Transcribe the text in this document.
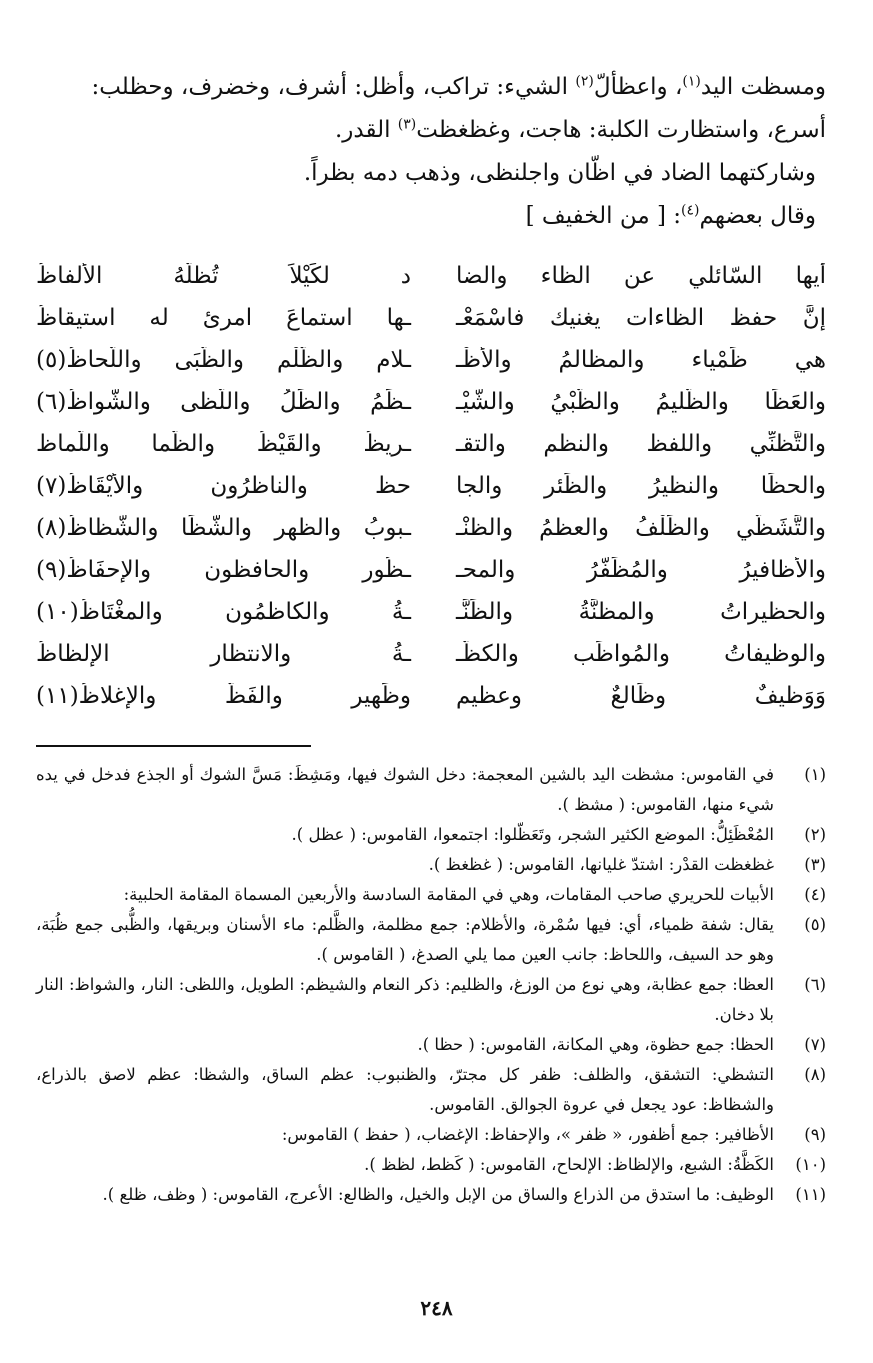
ومسظت اليد$^{(١)}$، واعظألّ$^{(٢)}$ الشيء: تراكب، وأظل: أشرف، وخضرف، وحظلب:

أسرع، واستظارت الكلبة: هاجت، وغظغظت$^{(٣)}$ القدر.

وشاركتهما الضاد في اظّان واجلنظى، وذهب دمه بظراً.

وقال بعضهم$^{(٤)}$: [ من الخفيف ]

أيها السّائلي عن الظاء والضا
د لكَيْلاَ تُظلّهُ الألفاظُ
إنَّ حفظ الظاءات يغنيك فاسْمَعْـ
ـها استماعَ امرئ له استيقاظُ
هي ظَمْياء والمظالمُ والأظْـ
ـلام والظَّلْم والظُّبَى واللّحاظُ(٥)
والعَظَا والظَّليمُ والظَّبْيُ والشَّيْـ
ـظَمُ والظِّلُ واللّظى والشّواظُ(٦)
والتَّظنِّي واللفظ والنظم والتقـ
ـريظُ والقَيْظُ والظّما واللّماظ
والحظَا والنظيرُ والظِّئر والجا
حظ والناظرُون والأيْقَاظُ(٧)
والتَّشَظّي والظِّلْفُ والعظمُ والظنْـ
ـبوبُ والظهر والشّظَا والشّظاظُ(٨)
والأظافيرُ والمُظَفَّرُ والمحـ
ـظُور والحافظون والإحفَاظُ(٩)
والحظيراتُ والمظنَّةُ والظِّنَّـ
ـةُ والكاظمُون والمغْتَاظُ(١٠)
والوظيفاتُ والمُواظَب والكظَّـ
ـةُ والانتظار الإلظاظُ
وَوَظيفٌ وظَالعٌ وعظيم
وظَهير والفَظُّ والإغلاظُ(١١)
(١)
في القاموس: مشظت اليد بالشين المعجمة: دخل الشوك فيها، ومَشِظَ: مَسَّ الشوك أو الجذع فدخل في يده شيء منها، القاموس: ( مشظ ).
(٢)
المُعْظَئِلُّ: الموضع الكثير الشجر، وتَعَظّلوا: اجتمعوا، القاموس: ( عظل ).
(٣)
غظغظت القدْر: اشتدّ غليانها، القاموس: ( غظغظ ).
(٤)
الأبيات للحريري صاحب المقامات، وهي في المقامة السادسة والأربعين المسماة المقامة الحلبية:
(٥)
يقال: شفة ظمياء، أي: فيها سُمْرة، والأظلام: جمع مظلمة، والظَّلم: ماء الأسنان وبريقها، والظُّبى جمع ظُبَة، وهو حد السيف، واللحاظ: جانب العين مما يلي الصدغ، ( القاموس ).
(٦)
العظا: جمع عظابة، وهي نوع من الوزغ، والظليم: ذكر النعام والشيظم: الطويل، واللظى: النار، والشواظ: النار بلا دخان.
(٧)
الحظا: جمع حظوة، وهي المكانة، القاموس: ( حظا ).
(٨)
التشظي: التشقق، والظلف: ظفر كل مجترّ، والظنبوب: عظم الساق، والشظا: عظم لاصق بالذراع، والشظاظ: عود يجعل في عروة الجوالق. القاموس.
(٩)
الأظافير: جمع أظفور، « ظفر »، والإحفاظ: الإغضاب، ( حفظ ) القاموس:
(١٠)
الكَظَّةُ: الشبع، والإلظاظ: الإلحاح، القاموس: ( كَظط، لظظ ).
(١١)
الوظيف: ما استدق من الذراع والساق من الإبل والخيل، والظالع: الأعرج، القاموس: ( وظف، ظلع ).
٢٤٨
